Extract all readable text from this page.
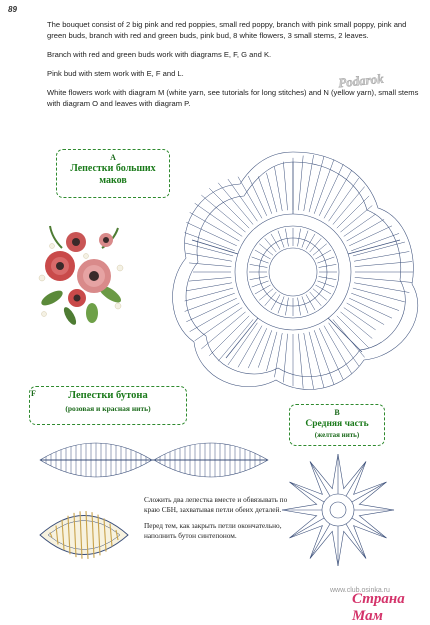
89

The bouquet consist of 2 big pink and red poppies, small red poppy, branch with pink small poppy, pink and green buds, branch with red and green buds, pink bud, 8 white flowers, 3 small stems, 2 leaves.

Branch with red and green buds work with diagrams E, F, G and K.

Pink bud with stem work with E, F and L.

White flowers work with diagram M (white yarn, see tutorials for long stitches) and N (yellow yarn), small stems with diagram O and leaves with diagram P.

Podarok
A
Лепестки больших маков
Лепестки бутона
(розовая и красная нить)
F

Сложить два лепестка вместе и обвязывать по краю СБН, захватывая петли обеих деталей.

Перед тем, как закрыть петли окончательно, наполнить бутон синтепоном.

B
Средняя часть
(желтая нить)
www.club.osinka.ru
Страна Мам
